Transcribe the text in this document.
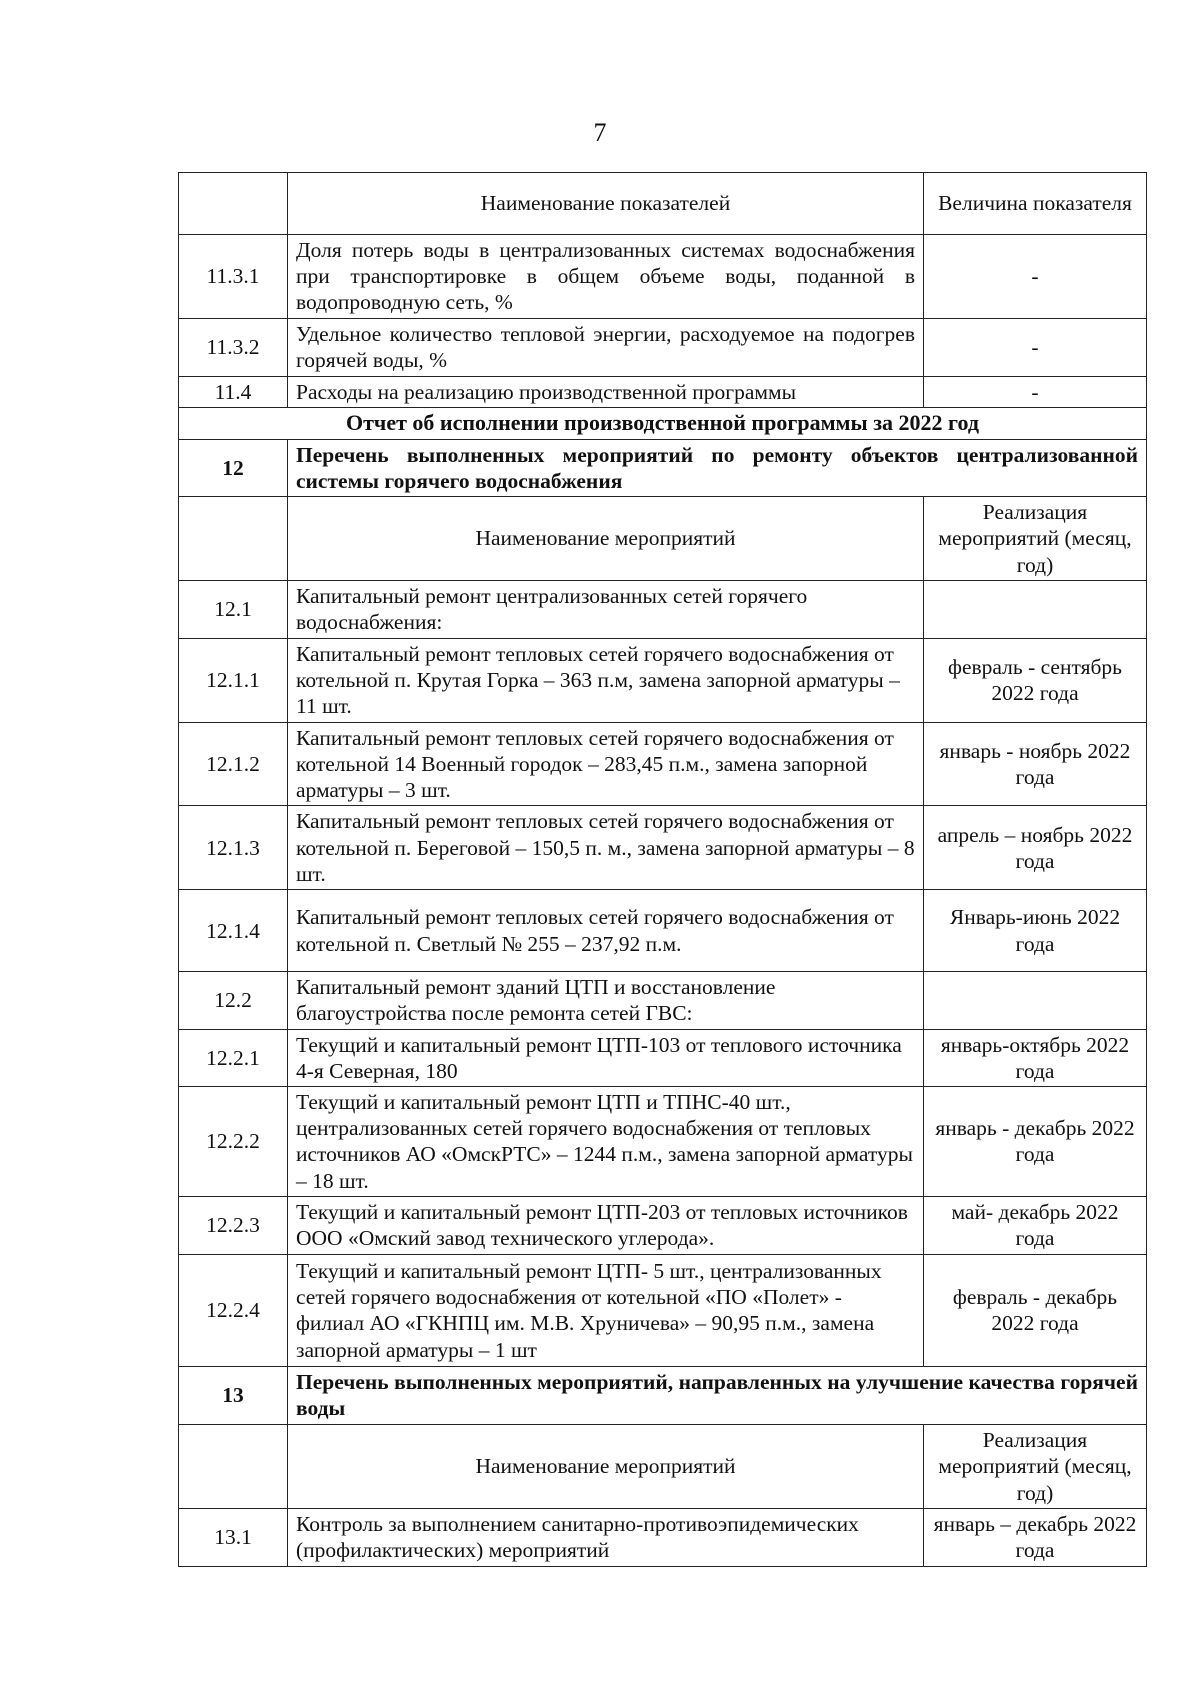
7
	Наименование показателей	Величина показателя
11.3.1	Доля потерь воды в централизованных системах водоснабжения при транспортировке в общем объеме воды, поданной в водопроводную сеть, %	-
11.3.2	Удельное количество тепловой энергии, расходуемое на подогрев горячей воды, %	-
11.4	Расходы на реализацию производственной программы	-
Отчет об исполнении производственной программы за 2022 год		
12	Перечень выполненных мероприятий по ремонту объектов централизованной системы горячего водоснабжения	
	Наименование мероприятий	Реализация мероприятий (месяц, год)
12.1	Капитальный ремонт централизованных сетей горячего водоснабжения:	
12.1.1	Капитальный ремонт тепловых сетей горячего водоснабжения от котельной п. Крутая Горка – 363 п.м, замена запорной арматуры – 11 шт.	февраль - сентябрь 2022 года
12.1.2	Капитальный ремонт тепловых сетей горячего водоснабжения от котельной 14 Военный городок – 283,45 п.м., замена запорной арматуры – 3 шт.	январь - ноябрь 2022 года
12.1.3	Капитальный ремонт тепловых сетей горячего водоснабжения от котельной п. Береговой – 150,5 п. м., замена запорной арматуры – 8 шт.	апрель – ноябрь 2022 года
12.1.4	Капитальный ремонт тепловых сетей горячего водоснабжения от котельной п. Светлый № 255 – 237,92 п.м.	Январь-июнь 2022 года
12.2	Капитальный ремонт зданий ЦТП и восстановление благоустройства после ремонта сетей ГВС:	
12.2.1	Текущий и капитальный ремонт ЦТП-103 от теплового источника 4-я Северная, 180	январь-октябрь 2022 года
12.2.2	Текущий и капитальный ремонт ЦТП и ТПНС-40 шт., централизованных сетей горячего водоснабжения от тепловых источников АО «ОмскРТС» – 1244 п.м., замена запорной арматуры – 18 шт.	январь - декабрь 2022 года
12.2.3	Текущий и капитальный ремонт ЦТП-203 от тепловых источников ООО «Омский завод технического углерода».	май- декабрь 2022 года
12.2.4	Текущий и капитальный ремонт ЦТП- 5 шт., централизованных сетей горячего водоснабжения от котельной «ПО «Полет» - филиал АО «ГКНПЦ им. М.В. Хруничева» – 90,95 п.м., замена запорной арматуры – 1 шт	февраль - декабрь 2022 года
13	Перечень выполненных мероприятий, направленных на улучшение качества горячей воды	
	Наименование мероприятий	Реализация мероприятий (месяц, год)
13.1	Контроль за выполнением санитарно-противоэпидемических (профилактических) мероприятий	январь – декабрь 2022 года
